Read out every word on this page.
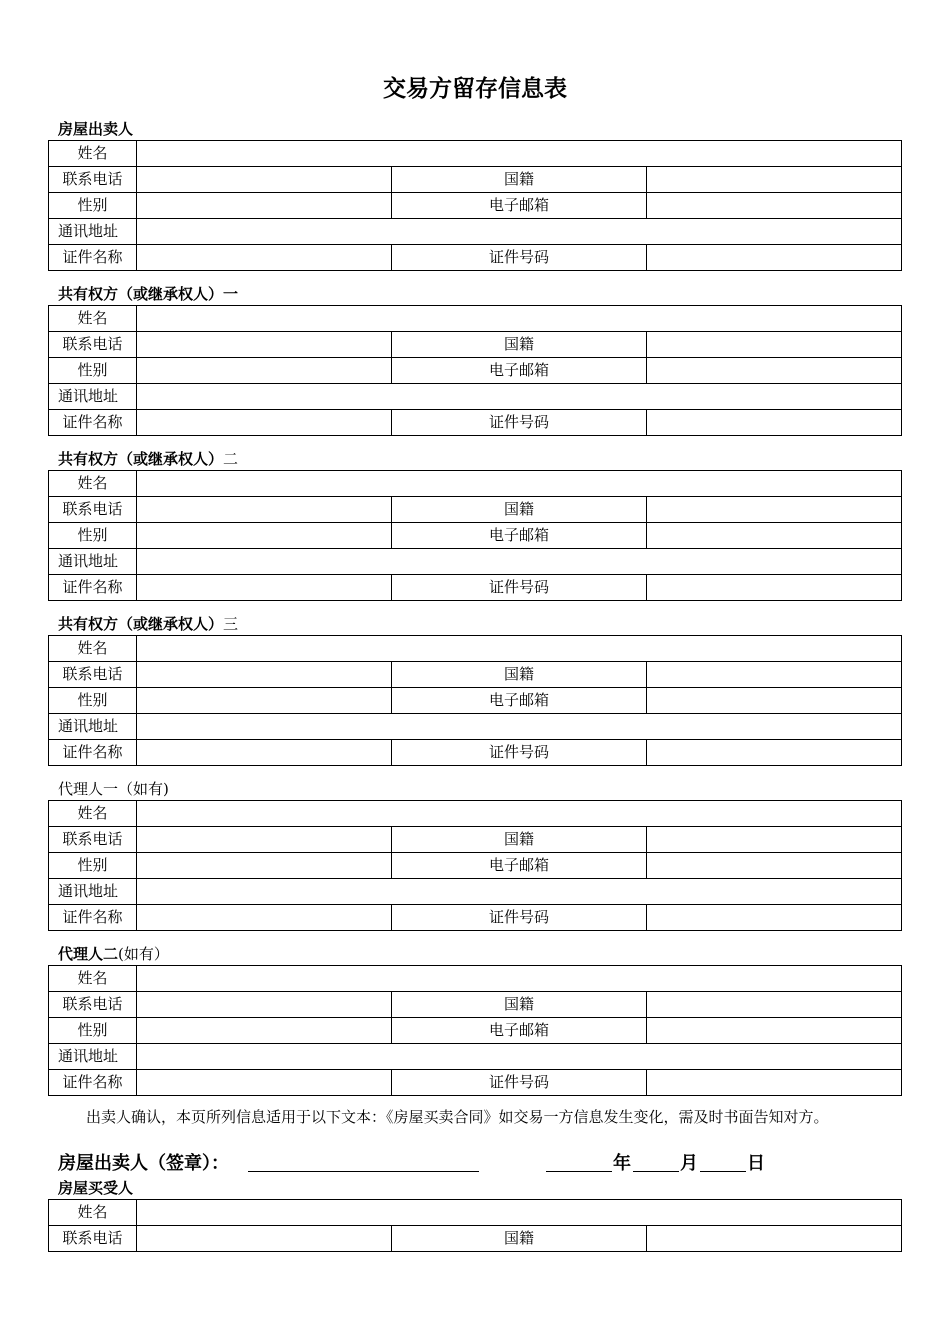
交易方留存信息表
房屋出卖人
姓名			
联系电话		国籍	
性别		电子邮箱	
通讯地址			
证件名称		证件号码	
共有权方（或继承权人）一
姓名			
联系电话		国籍	
性别		电子邮箱	
通讯地址			
证件名称		证件号码	
共有权方（或继承权人）二
姓名			
联系电话		国籍	
性别		电子邮箱	
通讯地址			
证件名称		证件号码	
共有权方（或继承权人）三
姓名			
联系电话		国籍	
性别		电子邮箱	
通讯地址			
证件名称		证件号码	
代理人一（如有)
姓名			
联系电话		国籍	
性别		电子邮箱	
通讯地址			
证件名称		证件号码	
代理人二(如有）
姓名			
联系电话		国籍	
性别		电子邮箱	
通讯地址			
证件名称		证件号码	
出卖人确认，本页所列信息适用于以下文本：《房屋买卖合同》如交易一方信息发生变化，需及时书面告知对方。
房屋出卖人（签章）：	年	月	日
房屋买受人
姓名			
联系电话		国籍	
